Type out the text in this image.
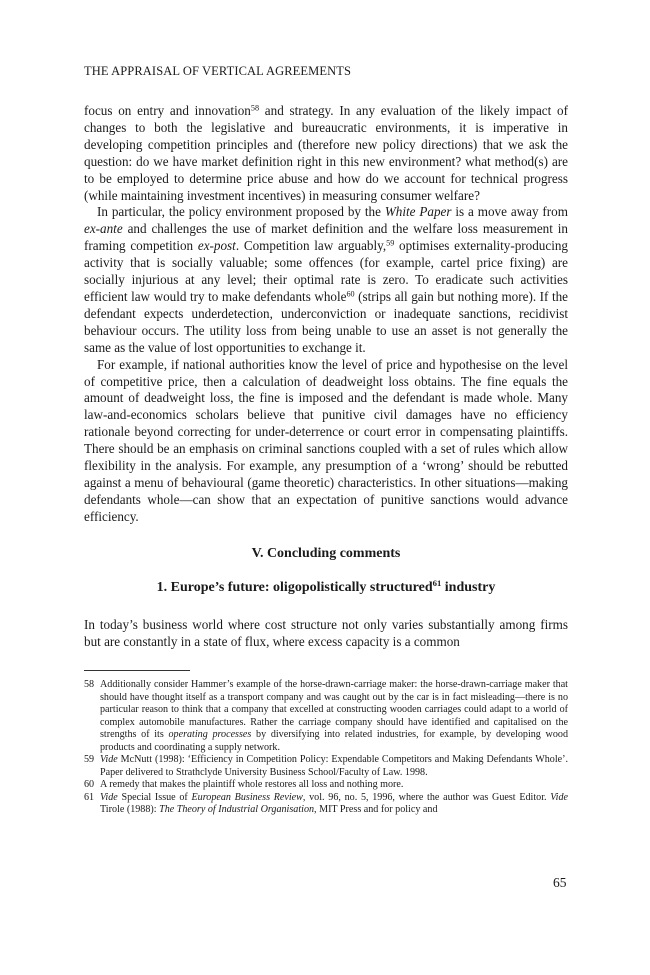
THE APPRAISAL OF VERTICAL AGREEMENTS

focus on entry and innovation$^{58}$ and strategy. In any evaluation of the likely impact of changes to both the legislative and bureaucratic environments, it is imperative in developing competition principles and (therefore new policy directions) that we ask the question: do we have market definition right in this new environment? what method(s) are to be employed to determine price abuse and how do we account for technical progress (while maintaining investment incentives) in measuring consumer welfare?

In particular, the policy environment proposed by the White Paper is a move away from ex-ante and challenges the use of market definition and the welfare loss measurement in framing competition ex-post. Competition law arguably,$^{59}$ optimises externality-producing activity that is socially valuable; some offences (for example, cartel price fixing) are socially injurious at any level; their optimal rate is zero. To eradicate such activities efficient law would try to make defendants whole$^{60}$ (strips all gain but nothing more). If the defendant expects underdetection, underconviction or inadequate sanctions, recidivist behaviour occurs. The utility loss from being unable to use an asset is not generally the same as the value of lost opportunities to exchange it.

For example, if national authorities know the level of price and hypothesise on the level of competitive price, then a calculation of deadweight loss obtains. The fine equals the amount of deadweight loss, the fine is imposed and the defendant is made whole. Many law-and-economics scholars believe that punitive civil damages have no efficiency rationale beyond correcting for under-deterrence or court error in compensating plaintiffs. There should be an emphasis on criminal sanctions coupled with a set of rules which allow flexibility in the analysis. For example, any presumption of a ‘wrong’ should be rebutted against a menu of behavioural (game theoretic) characteristics. In other situations—making defendants whole—can show that an expectation of punitive sanctions would advance efficiency.

V. Concluding comments
1. Europe’s future: oligopolistically structured$^{61}$ industry

In today’s business world where cost structure not only varies substantially among firms but are constantly in a state of flux, where excess capacity is a common

58 Additionally consider Hammer’s example of the horse-drawn-carriage maker: the horse-drawn-carriage maker that should have thought itself as a transport company and was caught out by the car is in fact misleading—there is no particular reason to think that a company that excelled at constructing wooden carriages could adapt to a world of complex automobile manufactures. Rather the carriage company should have identified and capitalised on the strengths of its operating processes by diversifying into related industries, for example, by developing wood products and coordinating a supply network.
59 Vide McNutt (1998): ‘Efficiency in Competition Policy: Expendable Competitors and Making Defendants Whole’. Paper delivered to Strathclyde University Business School/Faculty of Law. 1998.
60 A remedy that makes the plaintiff whole restores all loss and nothing more.
61 Vide Special Issue of European Business Review, vol. 96, no. 5, 1996, where the author was Guest Editor. Vide Tirole (1988): The Theory of Industrial Organisation, MIT Press and for policy and
65
